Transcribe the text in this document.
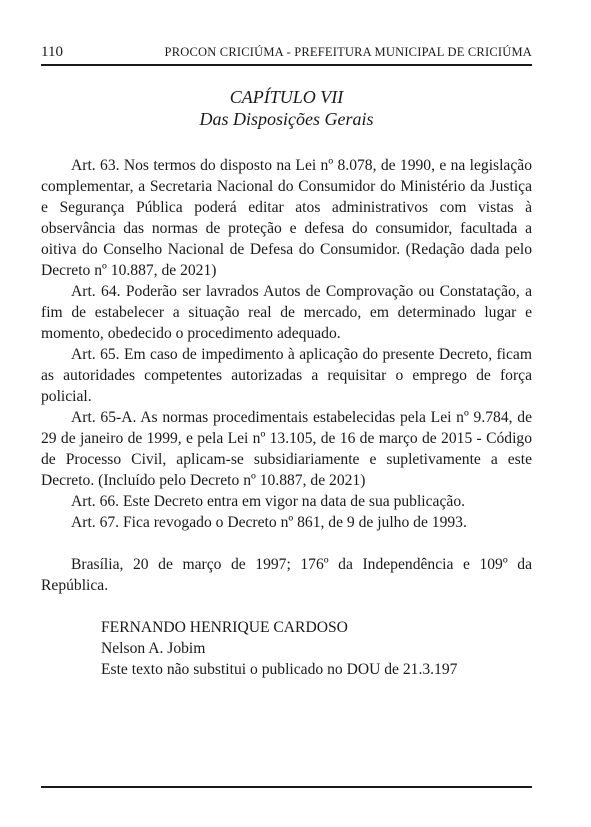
110	PROCON CRICIÚMA - PREFEITURA MUNICIPAL DE CRICIÚMA
CAPÍTULO VII
Das Disposições Gerais

Art. 63. Nos termos do disposto na Lei nº 8.078, de 1990, e na legislação complementar, a Secretaria Nacional do Consumidor do Ministério da Justiça e Segurança Pública poderá editar atos administrativos com vistas à observância das normas de proteção e defesa do consumidor, facultada a oitiva do Conselho Nacional de Defesa do Consumidor. (Redação dada pelo Decreto nº 10.887, de 2021)

Art. 64. Poderão ser lavrados Autos de Comprovação ou Constatação, a fim de estabelecer a situação real de mercado, em determinado lugar e momento, obedecido o procedimento adequado.

Art. 65. Em caso de impedimento à aplicação do presente Decreto, ficam as autoridades competentes autorizadas a requisitar o emprego de força policial.

Art. 65-A. As normas procedimentais estabelecidas pela Lei nº 9.784, de 29 de janeiro de 1999, e pela Lei nº 13.105, de 16 de março de 2015 - Código de Processo Civil, aplicam-se subsidiariamente e supletivamente a este Decreto. (Incluído pelo Decreto nº 10.887, de 2021)

Art. 66. Este Decreto entra em vigor na data de sua publicação.

Art. 67. Fica revogado o Decreto nº 861, de 9 de julho de 1993.

Brasília, 20 de março de 1997; 176º da Independência e 109º da República.

FERNANDO HENRIQUE CARDOSO

Nelson A. Jobim

Este texto não substitui o publicado no DOU de 21.3.197
